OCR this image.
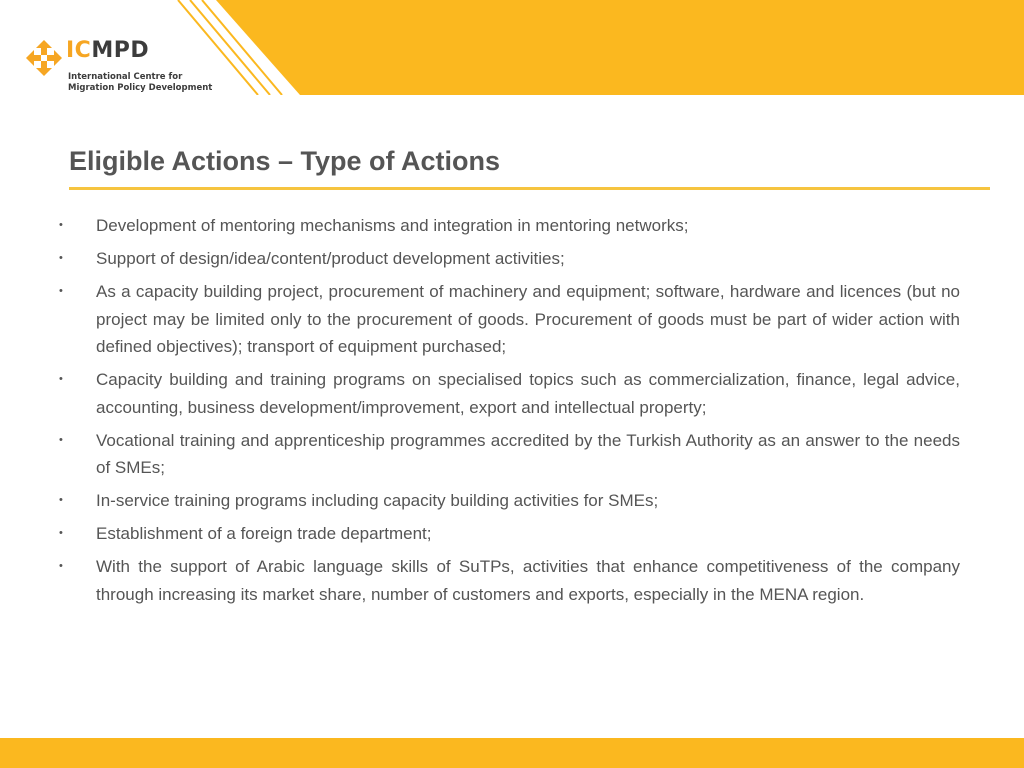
ICMPD
International Centre for
Migration Policy Development
Eligible Actions – Type of Actions
• Development of mentoring mechanisms and integration in mentoring networks;
• Support of design/idea/content/product development activities;
• As a capacity building project, procurement of machinery and equipment; software, hardware and licences (but no project may be limited only to the procurement of goods. Procurement of goods must be part of wider action with defined objectives); transport of equipment purchased;
• Capacity building and training programs on specialised topics such as commercialization, finance, legal advice, accounting, business development/improvement, export and intellectual property;
• Vocational training and apprenticeship programmes accredited by the Turkish Authority as an answer to the needs of SMEs;
• In-service training programs including capacity building activities for SMEs;
• Establishment of a foreign trade department;
• With the support of Arabic language skills of SuTPs, activities that enhance competitiveness of the company through increasing its market share, number of customers and exports, especially in the MENA region.
